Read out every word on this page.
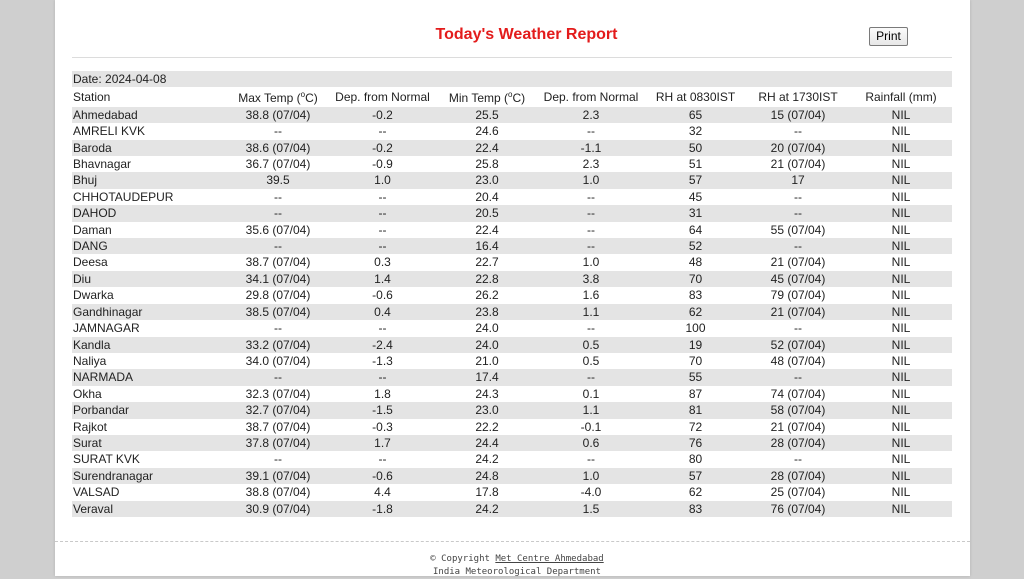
Today's Weather Report	Print
Date: 2024-04-08							
Station	Max Temp ($^o$C)	Dep. from Normal	Min Temp ($^o$C)	Dep. from Normal	RH at 0830IST	RH at 1730IST	Rainfall (mm)
Ahmedabad	38.8 (07/04)	-0.2	25.5	2.3	65	15 (07/04)	NIL
AMRELI KVK	--	--	24.6	--	32	--	NIL
Baroda	38.6 (07/04)	-0.2	22.4	-1.1	50	20 (07/04)	NIL
Bhavnagar	36.7 (07/04)	-0.9	25.8	2.3	51	21 (07/04)	NIL
Bhuj	39.5	1.0	23.0	1.0	57	17	NIL
CHHOTAUDEPUR	--	--	20.4	--	45	--	NIL
DAHOD	--	--	20.5	--	31	--	NIL
Daman	35.6 (07/04)	--	22.4	--	64	55 (07/04)	NIL
DANG	--	--	16.4	--	52	--	NIL
Deesa	38.7 (07/04)	0.3	22.7	1.0	48	21 (07/04)	NIL
Diu	34.1 (07/04)	1.4	22.8	3.8	70	45 (07/04)	NIL
Dwarka	29.8 (07/04)	-0.6	26.2	1.6	83	79 (07/04)	NIL
Gandhinagar	38.5 (07/04)	0.4	23.8	1.1	62	21 (07/04)	NIL
JAMNAGAR	--	--	24.0	--	100	--	NIL
Kandla	33.2 (07/04)	-2.4	24.0	0.5	19	52 (07/04)	NIL
Naliya	34.0 (07/04)	-1.3	21.0	0.5	70	48 (07/04)	NIL
NARMADA	--	--	17.4	--	55	--	NIL
Okha	32.3 (07/04)	1.8	24.3	0.1	87	74 (07/04)	NIL
Porbandar	32.7 (07/04)	-1.5	23.0	1.1	81	58 (07/04)	NIL
Rajkot	38.7 (07/04)	-0.3	22.2	-0.1	72	21 (07/04)	NIL
Surat	37.8 (07/04)	1.7	24.4	0.6	76	28 (07/04)	NIL
SURAT KVK	--	--	24.2	--	80	--	NIL
Surendranagar	39.1 (07/04)	-0.6	24.8	1.0	57	28 (07/04)	NIL
VALSAD	38.8 (07/04)	4.4	17.8	-4.0	62	25 (07/04)	NIL
Veraval	30.9 (07/04)	-1.8	24.2	1.5	83	76 (07/04)	NIL
© Copyright Met Centre Ahmedabad
India Meteorological Department
